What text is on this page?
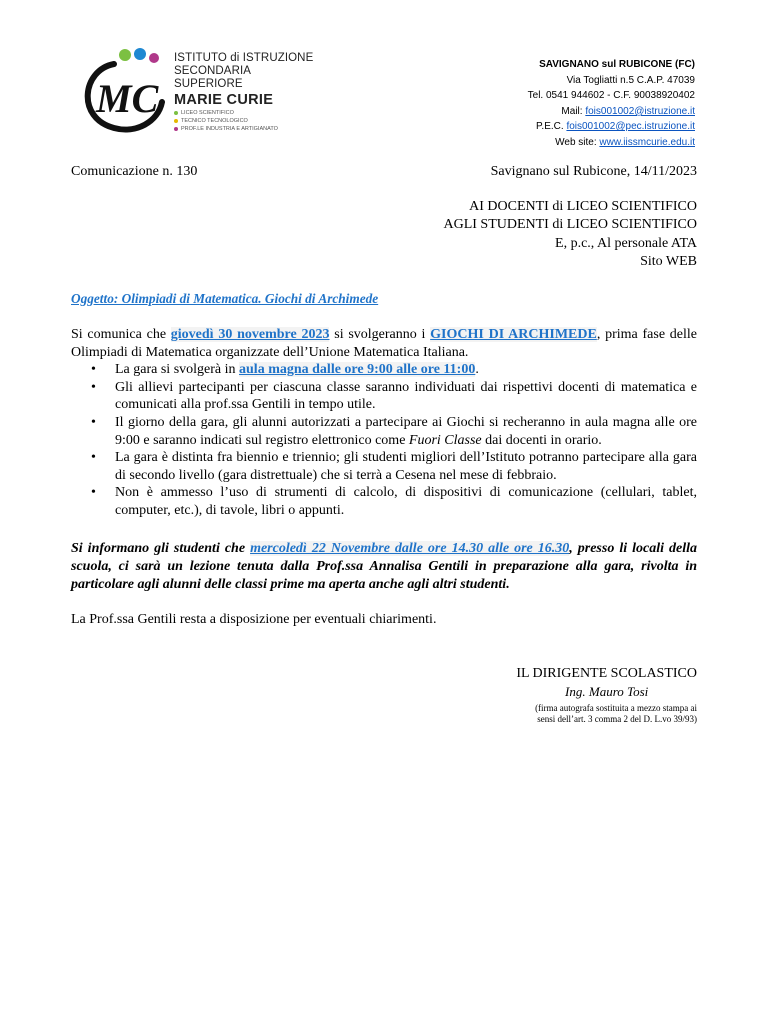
MC
ISTITUTO di ISTRUZIONE
SECONDARIA SUPERIORE
MARIE CURIE
LICEO SCIENTIFICO
TECNICO TECNOLOGICO
PROF.LE INDUSTRIA E ARTIGIANATO
SAVIGNANO sul RUBICONE (FC)
Via Togliatti n.5 C.A.P. 47039
Tel. 0541 944602 - C.F. 90038920402
Mail: fois001002@istruzione.it
P.E.C. fois001002@pec.istruzione.it
Web site: www.iissmcurie.edu.it
Comunicazione n. 130	Savignano sul Rubicone, 14/11/2023
AI DOCENTI di LICEO SCIENTIFICO
AGLI STUDENTI di LICEO SCIENTIFICO
E, p.c., Al personale ATA
Sito WEB
Oggetto: Olimpiadi di Matematica. Giochi di Archimede
Si comunica che giovedì 30 novembre 2023 si svolgeranno i GIOCHI DI ARCHIMEDE, prima fase delle Olimpiadi di Matematica organizzate dell’Unione Matematica Italiana.
• La gara si svolgerà in aula magna dalle ore 9:00 alle ore 11:00.
• Gli allievi partecipanti per ciascuna classe saranno individuati dai rispettivi docenti di matematica e comunicati alla prof.ssa Gentili in tempo utile.
• Il giorno della gara, gli alunni autorizzati a partecipare ai Giochi si recheranno in aula magna alle ore 9:00 e saranno indicati sul registro elettronico come Fuori Classe dai docenti in orario.
• La gara è distinta fra biennio e triennio; gli studenti migliori dell’Istituto potranno partecipare alla gara di secondo livello (gara distrettuale) che si terrà a Cesena nel mese di febbraio.
• Non è ammesso l’uso di strumenti di calcolo, di dispositivi di comunicazione (cellulari, tablet, computer, etc.), di tavole, libri o appunti.
Si informano gli studenti che mercoledì 22 Novembre dalle ore 14.30 alle ore 16.30, presso li locali della scuola, ci sarà un lezione tenuta dalla Prof.ssa Annalisa Gentili in preparazione alla gara, rivolta in particolare agli alunni delle classi prime ma aperta anche agli altri studenti.
La Prof.ssa Gentili resta a disposizione per eventuali chiarimenti.
IL DIRIGENTE SCOLASTICO
Ing. Mauro Tosi
(firma autografa sostituita a mezzo stampa ai
sensi dell’art. 3 comma 2 del D. L.vo 39/93)
